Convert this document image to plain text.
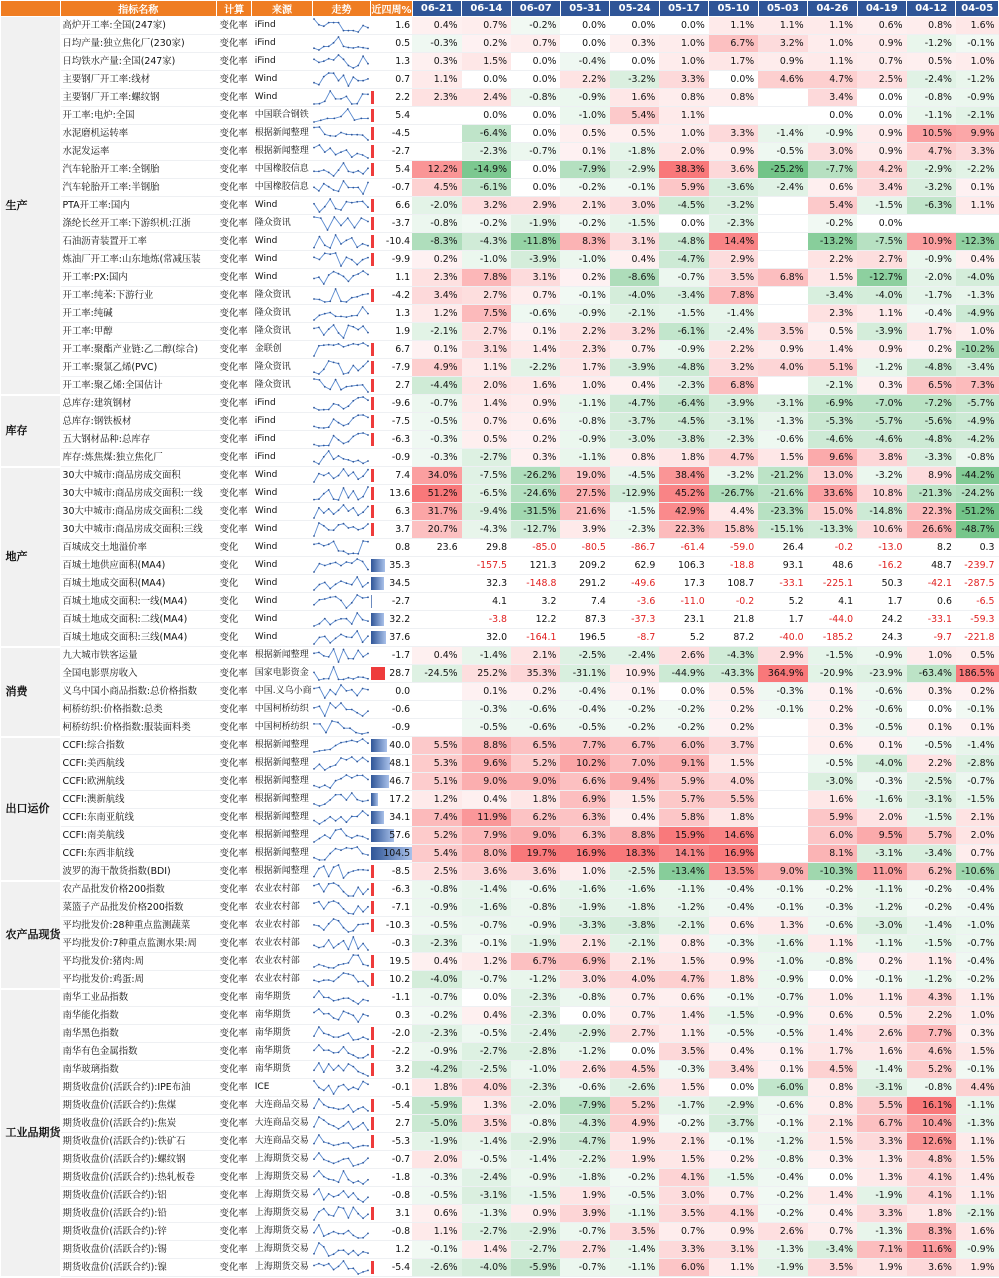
	指标名称	计算	来源	走势	近四周%	06-21	06-14	06-07	05-31	05-24	05-17	05-10	05-03	04-26	04-19	04-12	04-05
生产	高炉开工率:全国(247家)	变化率	iFind		1.6	0.4%	0.7%	-0.2%	0.0%	0.0%	0.0%	1.1%	1.1%	1.1%	0.6%	0.8%	1.6%
	日均产量:独立焦化厂(230家)	变化率	iFind		0.5	-0.3%	0.2%	0.7%	0.0%	0.3%	1.0%	6.7%	3.2%	1.0%	0.9%	-1.2%	-0.1%
	日均铁水产量:全国(247家)	变化率	iFind		1.3	0.3%	1.5%	0.0%	-0.4%	0.0%	1.0%	1.7%	0.9%	1.1%	0.7%	0.5%	1.0%
	主要钢厂开工率:线材	变化率	Wind		0.7	1.1%	0.0%	0.0%	2.2%	-3.2%	3.3%	0.0%	4.6%	4.7%	2.5%	-2.4%	-1.2%
	主要钢厂开工率:螺纹钢	变化率	Wind		2.2	2.3%	2.4%	-0.8%	-0.9%	1.6%	0.8%	0.8%		3.4%	0.0%	-0.8%	-0.9%
	开工率:电炉:全国	变化率	中国联合钢铁		5.4		0.0%	0.0%	-1.0%	5.4%	1.1%			0.0%	0.0%	-1.1%	-2.1%
	水泥磨机运转率	变化率	根据新闻整理		-4.5		-6.4%	0.0%	0.5%	0.5%	1.0%	3.3%	-1.4%	-0.9%	0.9%	10.5%	9.9%
	水泥发运率	变化率	根据新闻整理		-2.7		-2.3%	-0.7%	0.1%	-1.8%	2.0%	0.9%	-0.5%	3.0%	0.9%	4.7%	3.3%
	汽车轮胎开工率:全钢胎	变化率	中国橡胶信息		5.4	12.2%	-14.9%	0.0%	-7.9%	-2.9%	38.3%	3.6%	-25.2%	-7.7%	4.2%	-2.9%	-2.2%
	汽车轮胎开工率:半钢胎	变化率	中国橡胶信息		-0.7	4.5%	-6.1%	0.0%	-0.2%	-0.1%	5.9%	-3.6%	-2.4%	0.6%	3.4%	-3.2%	0.1%
	PTA开工率:国内	变化率	Wind		6.6	-2.0%	3.2%	2.9%	2.1%	3.0%	-4.5%	-3.2%		5.4%	-1.5%	-6.3%	1.1%
	涤纶长丝开工率:下游织机:江浙	变化率	隆众资讯		-3.7	-0.8%	-0.2%	-1.9%	-0.2%	-1.5%	0.0%	-2.3%		-0.2%	0.0%		
	石油沥青装置开工率	变化率	Wind		-10.4	-8.3%	-4.3%	-11.8%	8.3%	3.1%	-4.8%	14.4%		-13.2%	-7.5%	10.9%	-12.3%
	炼油厂开工率:山东地炼(常减压装	变化率	Wind		-9.9	0.2%	-1.0%	-3.9%	-1.0%	0.4%	-4.7%	2.9%		2.2%	2.7%	-0.9%	0.4%
	开工率:PX:国内	变化率	Wind		1.1	2.3%	7.8%	3.1%	0.2%	-8.6%	-0.7%	3.5%	6.8%	1.5%	-12.7%	-2.0%	-4.0%
	开工率:纯苯:下游行业	变化率	隆众资讯		-4.2	3.4%	2.7%	0.7%	-0.1%	-4.0%	-3.4%	7.8%		-3.4%	-4.0%	-1.7%	-1.3%
	开工率:纯碱	变化率	隆众资讯		1.3	1.2%	7.5%	-0.6%	-0.9%	-2.1%	-1.5%	-1.4%		2.3%	1.1%	-0.4%	-4.9%
	开工率:甲醇	变化率	隆众资讯		1.9	-2.1%	2.7%	0.1%	2.2%	3.2%	-6.1%	-2.4%	3.5%	0.5%	-3.9%	1.7%	1.0%
	开工率:聚酯产业链:乙二醇(综合)	变化率	金联创		6.7	0.1%	3.1%	1.4%	2.3%	0.7%	-0.9%	2.2%	0.9%	1.4%	0.9%	0.2%	-10.2%
	开工率:聚氯乙烯(PVC)	变化率	隆众资讯		-7.9	4.9%	1.1%	-2.2%	1.7%	-3.9%	-4.8%	3.2%	4.0%	5.1%	-1.2%	-4.8%	-3.4%
	开工率:聚乙烯:全国估计	变化率	隆众资讯		2.7	-4.4%	2.0%	1.6%	1.0%	0.4%	-2.3%	6.8%		-2.1%	0.3%	6.5%	7.3%
库存	总库存:建筑钢材	变化率	iFind		-9.6	-0.7%	1.4%	0.9%	-1.1%	-4.7%	-6.4%	-3.9%	-3.1%	-6.9%	-7.0%	-7.2%	-5.7%
	总库存:钢铁板材	变化率	iFind		-7.5	-0.5%	0.7%	0.6%	-0.8%	-3.7%	-4.5%	-3.1%	-1.3%	-5.3%	-5.7%	-5.6%	-4.9%
	五大钢材品种:总库存	变化率	iFind		-6.3	-0.3%	0.5%	0.2%	-0.9%	-3.0%	-3.8%	-2.3%	-0.6%	-4.6%	-4.6%	-4.8%	-4.2%
	库存:炼焦煤:独立焦化厂	变化率	iFind		-0.9	-0.3%	-2.7%	0.3%	-1.1%	0.8%	1.8%	4.7%	1.5%	9.6%	3.8%	-3.3%	-0.8%
地产	30大中城市:商品房成交面积	变化率	Wind		7.4	34.0%	-7.5%	-26.2%	19.0%	-4.5%	38.4%	-3.2%	-21.2%	13.0%	-3.2%	8.9%	-44.2%
	30大中城市:商品房成交面积:一线	变化率	Wind		13.6	51.2%	-6.5%	-24.6%	27.5%	-12.9%	45.2%	-26.7%	-21.6%	33.6%	10.8%	-21.3%	-24.2%
	30大中城市:商品房成交面积:二线	变化率	Wind		6.3	31.7%	-9.4%	-31.5%	21.6%	-1.5%	42.9%	4.4%	-23.3%	15.0%	-14.8%	22.3%	-51.2%
	30大中城市:商品房成交面积:三线	变化率	Wind		3.7	20.7%	-4.3%	-12.7%	3.9%	-2.3%	22.3%	15.8%	-15.1%	-13.3%	10.6%	26.6%	-48.7%
	百城成交土地溢价率	变化	Wind		0.8	23.6	29.8	-85.0	-80.5	-86.7	-61.4	-59.0	26.4	-0.2	-13.0	8.2	0.3
	百城土地供应面积(MA4)	变化	Wind		35.3		-157.5	121.3	209.2	62.9	106.3	-18.8	93.1	48.6	-16.2	48.7	-239.7
	百城土地成交面积(MA4)	变化	Wind		34.5		32.3	-148.8	291.2	-49.6	17.3	108.7	-33.1	-225.1	50.3	-42.1	-287.5
	百城土地成交面积:一线(MA4)	变化	Wind		-2.7		4.1	3.2	7.4	-3.6	-11.0	-0.2	5.2	4.1	1.7	0.6	-6.5
	百城土地成交面积:二线(MA4)	变化	Wind		32.2		-3.8	12.2	87.3	-37.3	23.1	21.8	1.7	-44.0	24.2	-33.1	-59.3
	百城土地成交面积:三线(MA4)	变化	Wind		37.6		32.0	-164.1	196.5	-8.7	5.2	87.2	-40.0	-185.2	24.3	-9.7	-221.8
消费	九大城市铁客运量	变化率	根据新闻整理		-1.7	0.4%	-1.4%	2.1%	-2.5%	-2.4%	2.6%	-4.3%	2.9%	-1.5%	-0.9%	1.0%	0.5%
	全国电影票房收入	变化率	国家电影资金		28.7	-24.5%	25.2%	35.3%	-31.1%	10.9%	-44.9%	-43.3%	364.9%	-20.9%	-23.9%	-63.4%	186.5%
	义乌中国小商品指数:总价格指数	变化率	中国.义乌小商		0.0		0.1%	0.2%	-0.4%	0.1%	0.0%	0.5%	-0.3%	0.1%	-0.6%	0.3%	0.2%
	柯桥纺织:价格指数:总类	变化率	中国柯桥纺织		-0.6		-0.3%	-0.6%	-0.4%	-0.2%	-0.2%	0.2%	-0.1%	0.2%	-0.6%	0.0%	-0.1%
	柯桥纺织:价格指数:服装面料类	变化率	中国柯桥纺织		-0.9		-0.5%	-0.6%	-0.5%	-0.2%	-0.2%	0.2%		0.3%	-0.5%	0.1%	0.1%
出口运价	CCFI:综合指数	变化率	根据新闻整理		40.0	5.5%	8.8%	6.5%	7.7%	6.7%	6.0%	3.7%		0.6%	0.1%	-0.5%	-1.4%
	CCFI:美西航线	变化率	根据新闻整理		48.1	5.3%	9.6%	5.2%	10.2%	7.0%	9.1%	1.5%		-0.5%	-4.0%	2.2%	-2.8%
	CCFI:欧洲航线	变化率	根据新闻整理		46.7	5.1%	9.0%	9.0%	6.6%	9.4%	5.9%	4.0%		-3.0%	-0.3%	-2.5%	-0.7%
	CCFI:澳新航线	变化率	根据新闻整理		17.2	1.2%	0.4%	1.8%	6.9%	1.5%	5.7%	5.5%		1.6%	-1.6%	-3.1%	-1.5%
	CCFI:东南亚航线	变化率	根据新闻整理		34.1	7.4%	11.9%	6.2%	6.3%	0.4%	5.8%	1.8%		5.9%	2.0%	-1.5%	2.1%
	CCFI:南美航线	变化率	根据新闻整理		57.6	5.2%	7.9%	9.0%	6.3%	8.8%	15.9%	14.6%		6.0%	9.5%	5.7%	2.0%
	CCFI:东西非航线	变化率	根据新闻整理		104.5	5.4%	8.0%	19.7%	16.9%	18.3%	14.1%	16.9%		8.1%	-3.1%	-3.4%	0.7%
	波罗的海干散货指数(BDI)	变化率	根据新闻整理		-8.5	2.5%	3.6%	3.6%	1.0%	-2.5%	-13.4%	13.5%	9.0%	-10.3%	11.0%	6.2%	-10.6%
农产品现货	农产品批发价格200指数	变化率	农业农村部		-6.3	-0.8%	-1.4%	-0.6%	-1.6%	-1.6%	-1.1%	-0.4%	-0.1%	-0.2%	-1.1%	-0.2%	-0.4%
	菜篮子产品批发价格200指数	变化率	农业农村部		-7.1	-0.9%	-1.6%	-0.8%	-1.9%	-1.8%	-1.2%	-0.4%	-0.1%	-0.3%	-1.2%	-0.2%	-0.4%
	平均批发价:28种重点监测蔬菜	变化率	农业农村部		-10.3	-0.5%	-0.7%	-0.9%	-3.3%	-3.8%	-2.1%	0.6%	1.3%	-0.6%	-3.0%	-1.4%	-1.0%
	平均批发价:7种重点监测水果:周	变化率	农业农村部		-0.3	-2.3%	-0.1%	-1.9%	2.1%	-2.1%	0.8%	-0.3%	-1.6%	1.1%	-1.1%	-1.5%	-0.7%
	平均批发价:猪肉:周	变化率	农业农村部		19.5	0.4%	1.2%	6.7%	6.9%	2.1%	1.5%	0.9%	-1.0%	-0.8%	0.2%	1.1%	-0.4%
	平均批发价:鸡蛋:周	变化率	农业农村部		10.2	-4.0%	-0.7%	-1.2%	3.0%	4.0%	4.7%	1.8%	-0.9%	0.0%	-0.1%	-1.2%	-0.2%
工业品期货	南华工业品指数	变化率	南华期货		-1.1	-0.7%	0.0%	-2.3%	-0.8%	0.7%	0.6%	-0.1%	-0.7%	1.0%	1.1%	4.3%	1.1%
	南华能化指数	变化率	南华期货		0.3	-0.2%	0.4%	-2.3%	0.0%	0.7%	1.4%	-1.5%	-0.9%	0.6%	0.5%	2.2%	1.0%
	南华黑色指数	变化率	南华期货		-2.0	-2.3%	-0.5%	-2.4%	-2.9%	2.7%	1.1%	-0.5%	-0.5%	1.4%	2.6%	7.7%	0.3%
	南华有色金属指数	变化率	南华期货		-2.2	-0.9%	-2.7%	-2.8%	-1.2%	0.0%	3.5%	0.4%	0.1%	1.7%	1.6%	4.6%	1.5%
	南华玻璃指数	变化率	南华期货		3.2	-4.2%	-2.5%	-1.0%	2.6%	4.5%	-0.3%	3.4%	0.1%	4.5%	-1.4%	5.2%	-0.1%
	期货收盘价(活跃合约):IPE布油	变化率	ICE		-0.1	1.8%	4.0%	-2.3%	-0.6%	-2.6%	1.5%	0.0%	-6.0%	0.8%	-3.1%	-0.8%	4.4%
	期货收盘价(活跃合约):焦煤	变化率	大连商品交易		-5.4	-5.9%	1.3%	-2.0%	-7.9%	5.2%	-1.7%	-2.9%	-0.6%	0.8%	5.5%	16.1%	-1.1%
	期货收盘价(活跃合约):焦炭	变化率	大连商品交易		2.7	-5.0%	3.5%	-0.8%	-4.3%	4.9%	-0.2%	-3.7%	-0.1%	2.1%	6.7%	10.4%	-1.3%
	期货收盘价(活跃合约):铁矿石	变化率	大连商品交易		-5.3	-1.9%	-1.4%	-2.9%	-4.7%	1.9%	2.1%	-0.1%	-1.2%	1.5%	3.3%	12.6%	1.1%
	期货收盘价(活跃合约):螺纹钢	变化率	上海期货交易		-0.7	2.0%	-0.5%	-1.4%	-2.2%	1.9%	1.5%	0.2%	-0.8%	0.3%	1.3%	4.8%	1.5%
	期货收盘价(活跃合约):热轧板卷	变化率	上海期货交易		-1.8	-0.3%	-2.4%	-0.9%	-1.8%	-0.2%	4.1%	-1.5%	-0.4%	0.0%	1.3%	4.1%	1.4%
	期货收盘价(活跃合约):铝	变化率	上海期货交易		-0.8	-0.5%	-3.1%	-1.5%	1.9%	-0.5%	3.0%	0.7%	-0.2%	1.4%	-1.9%	4.1%	1.1%
	期货收盘价(活跃合约):铅	变化率	上海期货交易		3.1	0.6%	-1.3%	0.9%	3.9%	-1.1%	3.5%	4.1%	-0.2%	0.4%	3.3%	1.8%	-2.1%
	期货收盘价(活跃合约):锌	变化率	上海期货交易		-0.8	1.1%	-2.7%	-2.9%	-0.7%	3.5%	0.7%	0.9%	2.6%	0.7%	-1.3%	8.3%	1.6%
	期货收盘价(活跃合约):锡	变化率	上海期货交易		1.2	-0.1%	1.4%	-2.7%	2.7%	-1.4%	3.3%	3.1%	-1.3%	-3.4%	7.1%	11.6%	-0.9%
	期货收盘价(活跃合约):镍	变化率	上海期货交易		-5.4	-2.6%	-4.0%	-5.9%	-0.7%	-1.1%	6.0%	1.1%	-1.9%	3.5%	1.9%	3.6%	1.9%
